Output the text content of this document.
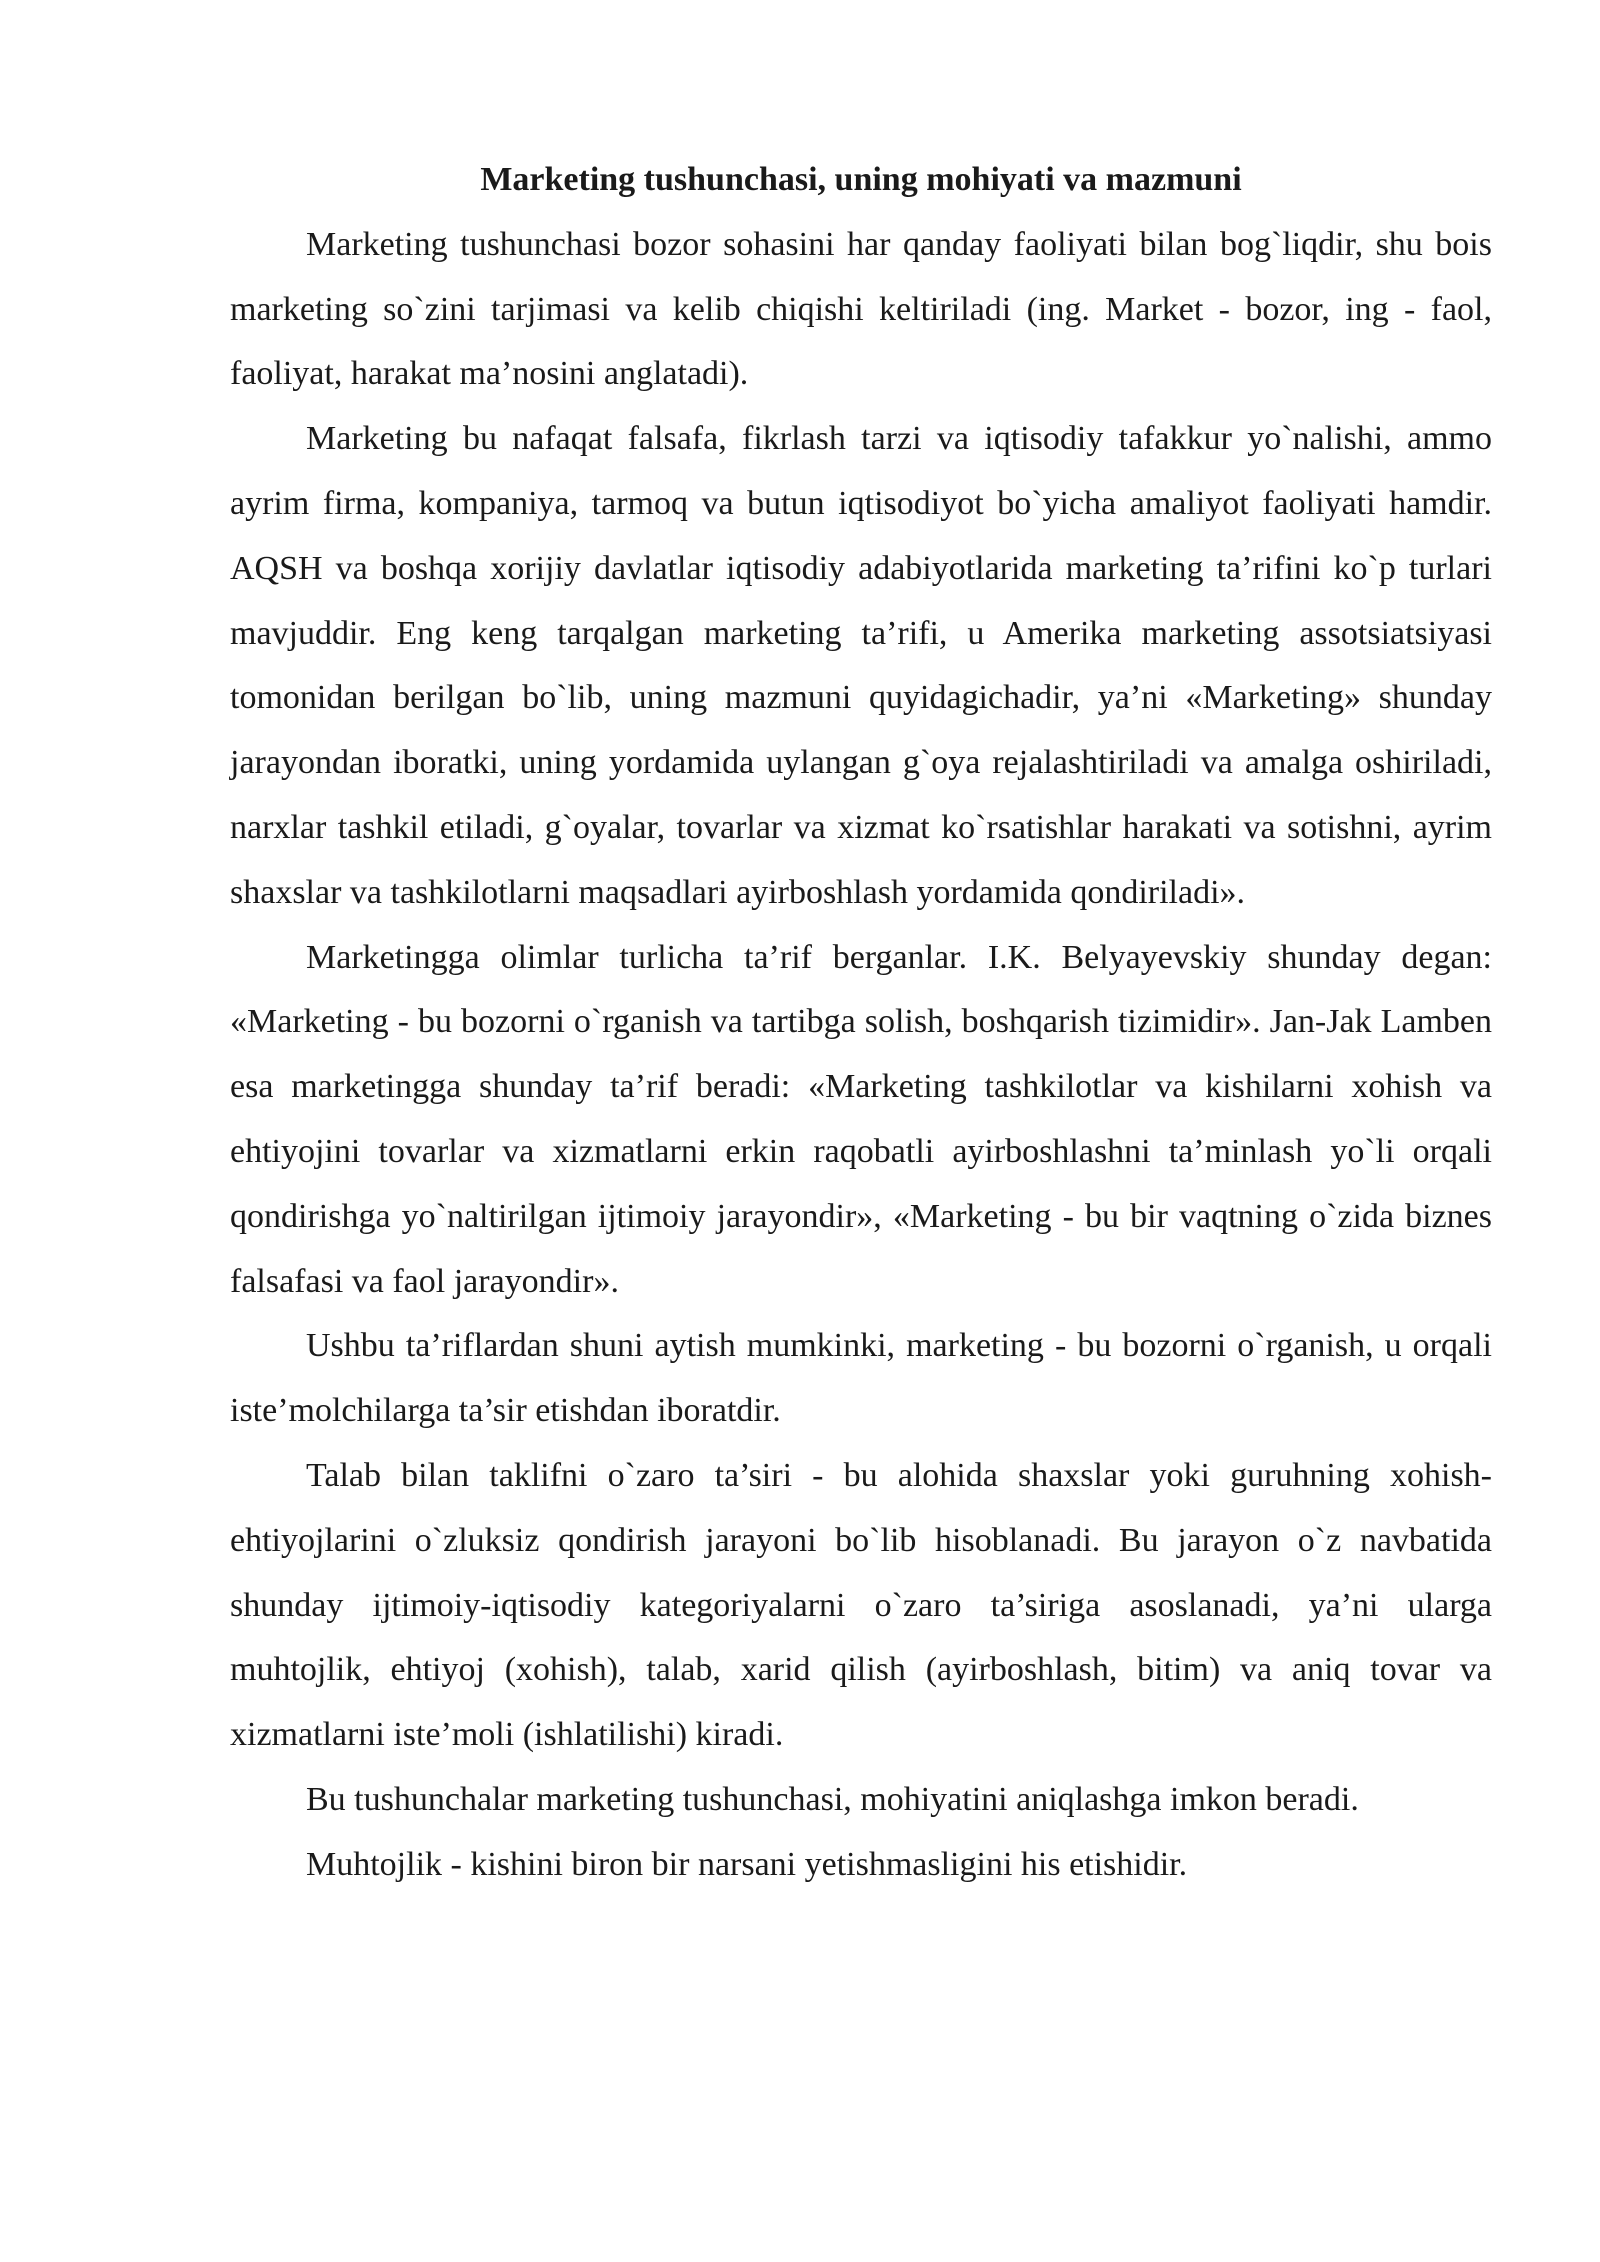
Marketing tushunchasi, uning mohiyati va mazmuni

Marketing tushunchasi bozor sohasini har qanday faoliyati bilan bog`liqdir, shu bois marketing so`zini tarjimasi va kelib chiqishi keltiriladi (ing. Market - bozor, ing - faol, faoliyat, harakat ma’nosini anglatadi).

Marketing bu nafaqat falsafa, fikrlash tarzi va iqtisodiy tafakkur yo`nalishi, ammo ayrim firma, kompaniya, tarmoq va butun iqtisodiyot bo`yicha amaliyot faoliyati hamdir. AQSH va boshqa xorijiy davlatlar iqtisodiy adabiyotlarida marketing ta’rifini ko`p turlari mavjuddir. Eng keng tarqalgan marketing ta’rifi, u Amerika marketing assotsiatsiyasi tomonidan berilgan bo`lib, uning mazmuni quyidagichadir, ya’ni «Marketing» shunday jarayondan iboratki, uning yordamida uylangan g`oya rejalashtiriladi va amalga oshiriladi, narxlar tashkil etiladi, g`oyalar, tovarlar va xizmat ko`rsatishlar harakati va sotishni, ayrim shaxslar va tashkilotlarni maqsadlari ayirboshlash yordamida qondiriladi».

Marketingga olimlar turlicha ta’rif berganlar. I.K. Belyayevskiy shunday degan: «Marketing - bu bozorni o`rganish va tartibga solish, boshqarish tizimidir». Jan-Jak Lamben esa marketingga shunday ta’rif beradi: «Marketing tashkilotlar va kishilarni xohish va ehtiyojini tovarlar va xizmatlarni erkin raqobatli ayirboshlashni ta’minlash yo`li orqali qondirishga yo`naltirilgan ijtimoiy jarayondir», «Marketing - bu bir vaqtning o`zida biznes falsafasi va faol jarayondir».

Ushbu ta’riflardan shuni aytish mumkinki, marketing - bu bozorni o`rganish, u orqali iste’molchilarga ta’sir etishdan iboratdir.

Talab bilan taklifni o`zaro ta’siri - bu alohida shaxslar yoki guruhning xohish-ehtiyojlarini o`zluksiz qondirish jarayoni bo`lib hisoblanadi. Bu jarayon o`z navbatida shunday ijtimoiy-iqtisodiy kategoriyalarni o`zaro ta’siriga asoslanadi, ya’ni ularga muhtojlik, ehtiyoj (xohish), talab, xarid qilish (ayirboshlash, bitim) va aniq tovar va xizmatlarni iste’moli (ishlatilishi) kiradi.

Bu tushunchalar marketing tushunchasi, mohiyatini aniqlashga imkon beradi.

Muhtojlik - kishini biron bir narsani yetishmasligini his etishidir.
